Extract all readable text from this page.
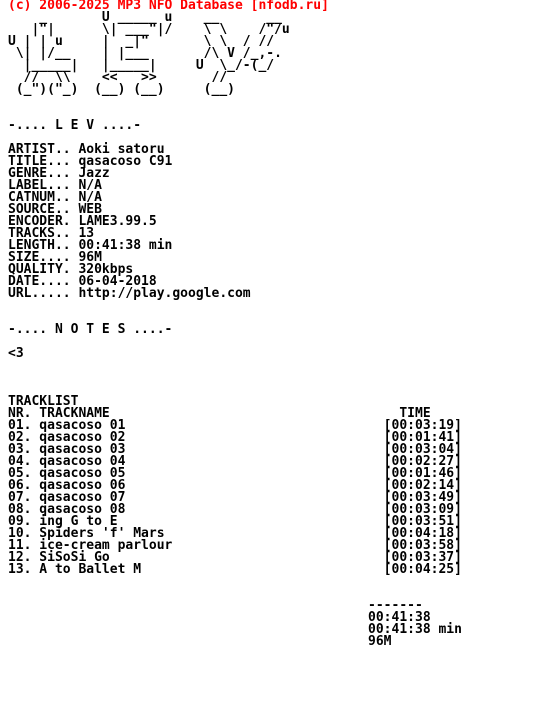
(c) 2006-2025 MP3 NFO Database [nfodb.ru]
_       U _____ u    __      __
|"|      \| ___"|/    \ \    /"/u
U | | u     |  _|"       \ \  / //
\| |/__    | |___       /\ V /_,-.
|_____|   |_____|     U  \_/-(_/
//  \\    <<   >>       //
(_")("_)  (__) (__)     (__)
-.... L E V ....-
ARTIST.. Aoki satoru
TITLE... qasacoso C91
GENRE... Jazz
LABEL... N/A
CATNUM.. N/A
SOURCE.. WEB
ENCODER. LAME3.99.5
TRACKS.. 13
LENGTH.. 00:41:38 min
SIZE.... 96M
QUALITY. 320kbps
DATE.... 06-04-2018
URL..... http://play.google.com
-.... N O T E S ....-
<3
TRACKLIST
NR. TRACKNAME                                     TIME
01. qasacoso 01                                 [00:03:19]
02. qasacoso 02                                 [00:01:41]
03. qasacoso 03                                 [00:03:04]
04. qasacoso 04                                 [00:02:27]
05. qasacoso 05                                 [00:01:46]
06. qasacoso 06                                 [00:02:14]
07. qasacoso 07                                 [00:03:49]
08. qasacoso 08                                 [00:03:09]
09. ing G to E                                  [00:03:51]
10. Spiders 'f' Mars                            [00:04:18]
11. ice-cream parlour                           [00:03:58]
12. SiSoSi Go                                   [00:03:37]
13. A to Ballet M                               [00:04:25]
-------
00:41:38
00:41:38 min
96M
